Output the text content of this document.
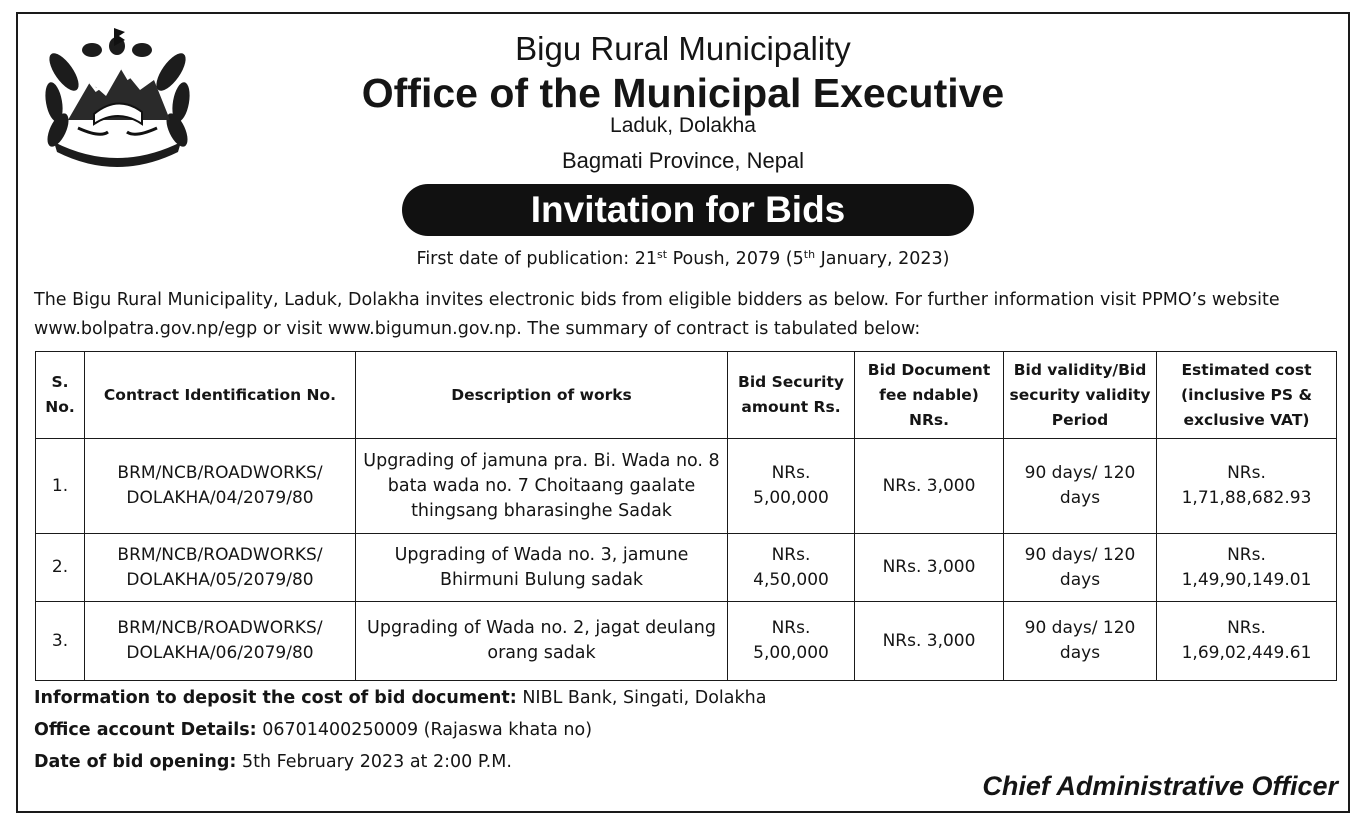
Bigu Rural Municipality
Office of the Municipal Executive
Laduk, Dolakha
Bagmati Province, Nepal
Invitation for Bids
First date of publication: 21st Poush, 2079 (5th January, 2023)
The Bigu Rural Municipality, Laduk, Dolakha invites electronic bids from eligible bidders as below. For further information visit PPMO’s website www.bolpatra.gov.np/egp or visit www.bigumun.gov.np. The summary of contract is tabulated below:
S. No.	Contract Identification No.	Description of works	Bid Security amount Rs.	Bid Document fee ndable) NRs.	Bid validity/Bid security validity Period	Estimated cost (inclusive PS & exclusive VAT)
1.	BRM/NCB/ROADWORKS/ DOLAKHA/04/2079/80	Upgrading of jamuna pra. Bi. Wada no. 8 bata wada no. 7 Choitaang gaalate thingsang bharasinghe Sadak	NRs. 5,00,000	NRs. 3,000	90 days/ 120 days	NRs. 1,71,88,682.93
2.	BRM/NCB/ROADWORKS/ DOLAKHA/05/2079/80	Upgrading of Wada no. 3, jamune Bhirmuni Bulung sadak	NRs. 4,50,000	NRs. 3,000	90 days/ 120 days	NRs. 1,49,90,149.01
3.	BRM/NCB/ROADWORKS/ DOLAKHA/06/2079/80	Upgrading of Wada no. 2, jagat deulang orang sadak	NRs. 5,00,000	NRs. 3,000	90 days/ 120 days	NRs. 1,69,02,449.61
Information to deposit the cost of bid document: NIBL Bank, Singati, Dolakha
Office account Details: 06701400250009 (Rajaswa khata no)
Date of bid opening: 5th February 2023 at 2:00 P.M.
Chief Administrative Officer
